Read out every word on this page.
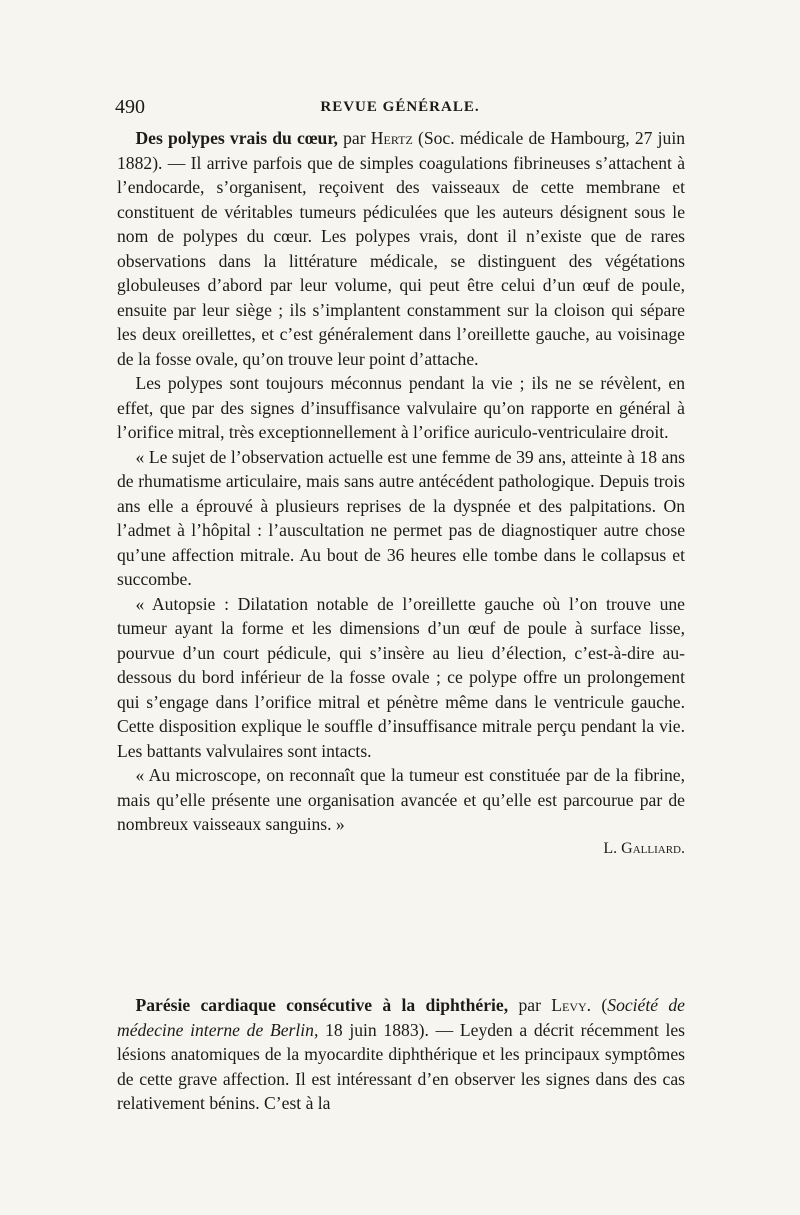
490	REVUE GÉNÉRALE.

Des polypes vrais du cœur, par Hertz (Soc. médicale de Hambourg, 27 juin 1882). — Il arrive parfois que de simples coagulations fibrineuses s’attachent à l’endocarde, s’organisent, reçoivent des vaisseaux de cette membrane et constituent de véritables tumeurs pédiculées que les auteurs désignent sous le nom de polypes du cœur. Les polypes vrais, dont il n’existe que de rares observations dans la littérature médicale, se distinguent des végétations globuleuses d’abord par leur volume, qui peut être celui d’un œuf de poule, ensuite par leur siège ; ils s’implantent constamment sur la cloison qui sépare les deux oreillettes, et c’est généralement dans l’oreillette gauche, au voisinage de la fosse ovale, qu’on trouve leur point d’attache.

Les polypes sont toujours méconnus pendant la vie ; ils ne se révèlent, en effet, que par des signes d’insuffisance valvulaire qu’on rapporte en général à l’orifice mitral, très exceptionnellement à l’orifice auriculo-ventriculaire droit.

« Le sujet de l’observation actuelle est une femme de 39 ans, atteinte à 18 ans de rhumatisme articulaire, mais sans autre antécédent pathologique. Depuis trois ans elle a éprouvé à plusieurs reprises de la dyspnée et des palpitations. On l’admet à l’hôpital : l’auscultation ne permet pas de diagnostiquer autre chose qu’une affection mitrale. Au bout de 36 heures elle tombe dans le collapsus et succombe.

« Autopsie : Dilatation notable de l’oreillette gauche où l’on trouve une tumeur ayant la forme et les dimensions d’un œuf de poule à surface lisse, pourvue d’un court pédicule, qui s’insère au lieu d’élection, c’est-à-dire au-dessous du bord inférieur de la fosse ovale ; ce polype offre un prolongement qui s’engage dans l’orifice mitral et pénètre même dans le ventricule gauche. Cette disposition explique le souffle d’insuffisance mitrale perçu pendant la vie. Les battants valvulaires sont intacts.

« Au microscope, on reconnaît que la tumeur est constituée par de la fibrine, mais qu’elle présente une organisation avancée et qu’elle est parcourue par de nombreux vaisseaux sanguins. »

L. Galliard.

Parésie cardiaque consécutive à la diphthérie, par Levy. (Société de médecine interne de Berlin, 18 juin 1883). — Leyden a décrit récemment les lésions anatomiques de la myocardite diphthérique et les principaux symptômes de cette grave affection. Il est intéressant d’en observer les signes dans des cas relativement bénins. C’est à la
